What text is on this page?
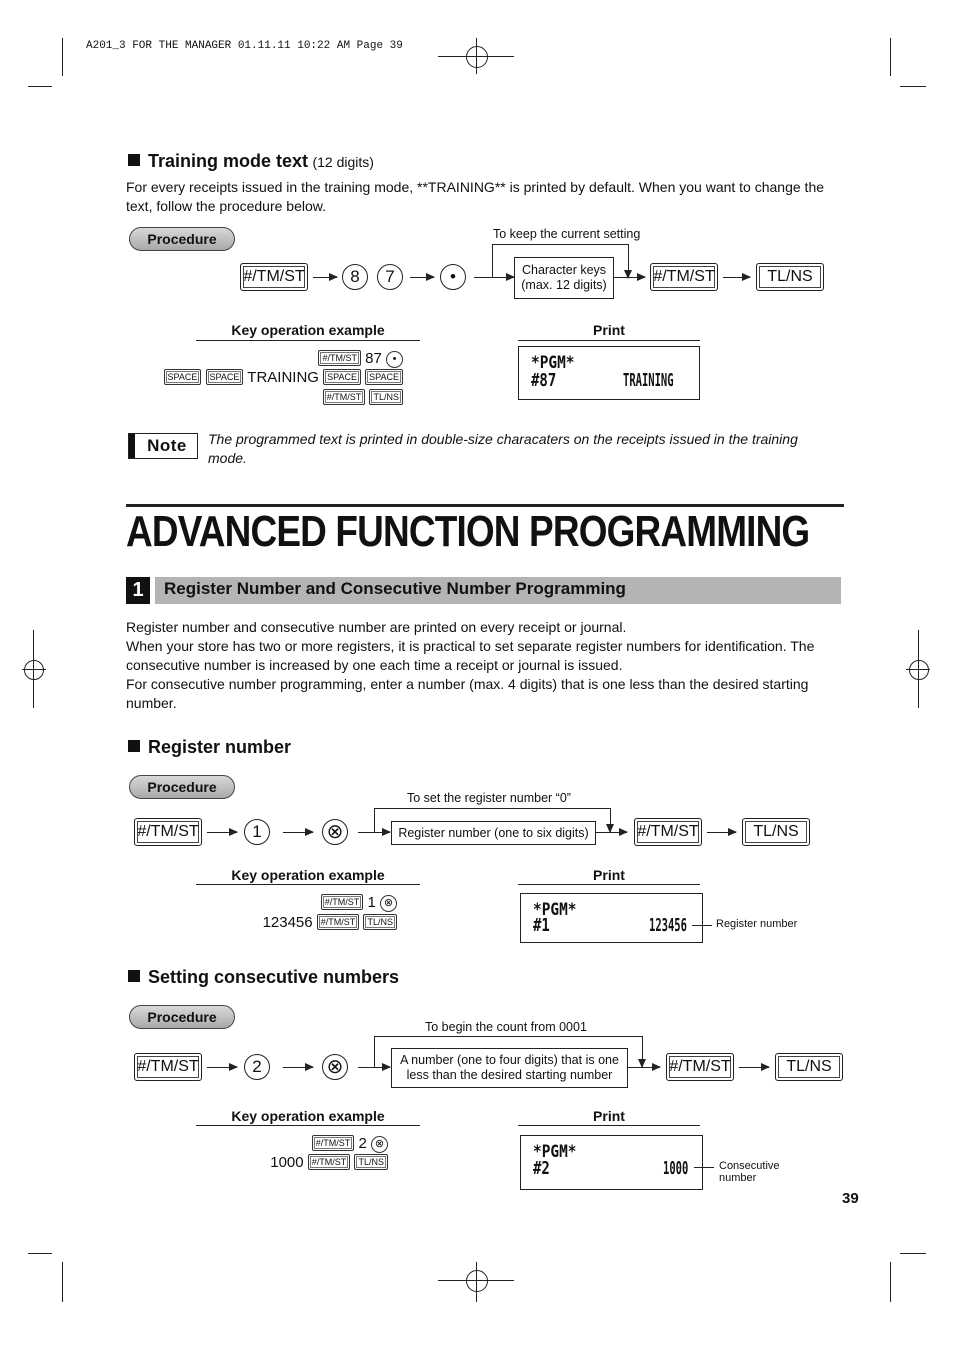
A201_3 FOR THE MANAGER 01.11.11 10:22 AM Page 39
Training mode text (12 digits)

For every receipts issued in the training mode, **TRAINING** is printed by default. When you want to change the text, follow the procedure below.

Procedure	To keep the current setting
#/TM/ST	8	7	•	Character keys
(max. 12 digits)	#/TM/ST	TL/NS
Key operation example	Print
#/TM/ST 87 •
SPACE SPACE TRAINING SPACE SPACE
#/TM/ST TL/NS
*PGM*
#87	TRAINING
Note	The programmed text is printed in double-size characaters on the receipts issued in the training mode.

ADVANCED FUNCTION PROGRAMMING
1	Register Number and Consecutive Number Programming

Register number and consecutive number are printed on every receipt or journal.
When your store has two or more registers, it is practical to set separate register numbers for identification. The consecutive number is increased by one each time a receipt or journal is issued.
For consecutive number programming, enter a number (max. 4 digits) that is one less than the desired starting number.

Register number
Procedure
To set the register number “0”
#/TM/ST	1	⊗	Register number (one to six digits)	#/TM/ST	TL/NS
Key operation example	Print
#/TM/ST 1 ⊗
123456 #/TM/ST TL/NS
*PGM*
#1	123456	Register number
Setting consecutive numbers
Procedure
To begin the count from 0001
#/TM/ST	2	⊗	A number (one to four digits) that is one
less than the desired starting number	#/TM/ST	TL/NS
Key operation example	Print
#/TM/ST 2 ⊗
1000 #/TM/ST TL/NS	*PGM*
#2	1000	Consecutive
number
39
